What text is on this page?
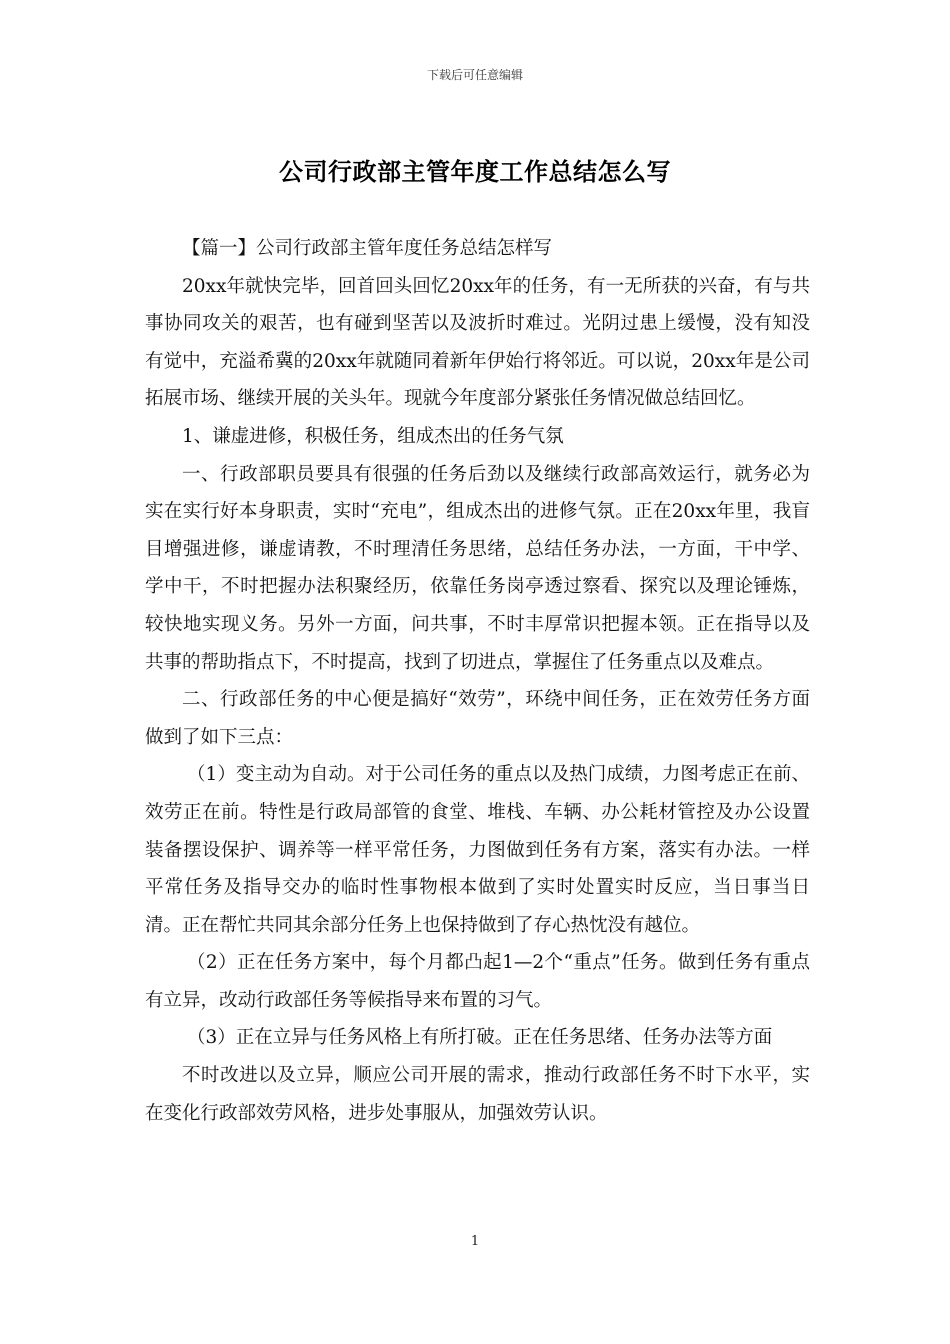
下载后可任意编辑
公司行政部主管年度工作总结怎么写

【篇一】公司行政部主管年度任务总结怎样写

20xx年就快完毕，回首回头回忆20xx年的任务，有一无所获的兴奋，有与共事协同攻关的艰苦，也有碰到坚苦以及波折时难过。光阴过患上缓慢，没有知没有觉中，充溢希冀的20xx年就随同着新年伊始行将邻近。可以说，20xx年是公司拓展市场、继续开展的关头年。现就今年度部分紧张任务情况做总结回忆。

1、谦虚进修，积极任务，组成杰出的任务气氛

一、行政部职员要具有很强的任务后劲以及继续行政部高效运行，就务必为实在实行好本身职责，实时“充电”，组成杰出的进修气氛。正在20xx年里，我盲目增强进修，谦虚请教，不时理清任务思绪，总结任务办法，一方面，干中学、学中干，不时把握办法积聚经历，依靠任务岗亭透过察看、探究以及理论锤炼，较快地实现义务。另外一方面，问共事，不时丰厚常识把握本领。正在指导以及共事的帮助指点下，不时提高，找到了切进点，掌握住了任务重点以及难点。

二、行政部任务的中心便是搞好“效劳”，环绕中间任务，正在效劳任务方面做到了如下三点：

（1）变主动为自动。对于公司任务的重点以及热门成绩，力图考虑正在前、效劳正在前。特性是行政局部管的食堂、堆栈、车辆、办公耗材管控及办公设置装备摆设保护、调养等一样平常任务，力图做到任务有方案，落实有办法。一样平常任务及指导交办的临时性事物根本做到了实时处置实时反应，当日事当日清。正在帮忙共同其余部分任务上也保持做到了存心热忱没有越位。

（2）正在任务方案中，每个月都凸起1—2个“重点”任务。做到任务有重点有立异，改动行政部任务等候指导来布置的习气。

（3）正在立异与任务风格上有所打破。正在任务思绪、任务办法等方面

不时改进以及立异，顺应公司开展的需求，推动行政部任务不时下水平，实在变化行政部效劳风格，进步处事服从，加强效劳认识。

1
